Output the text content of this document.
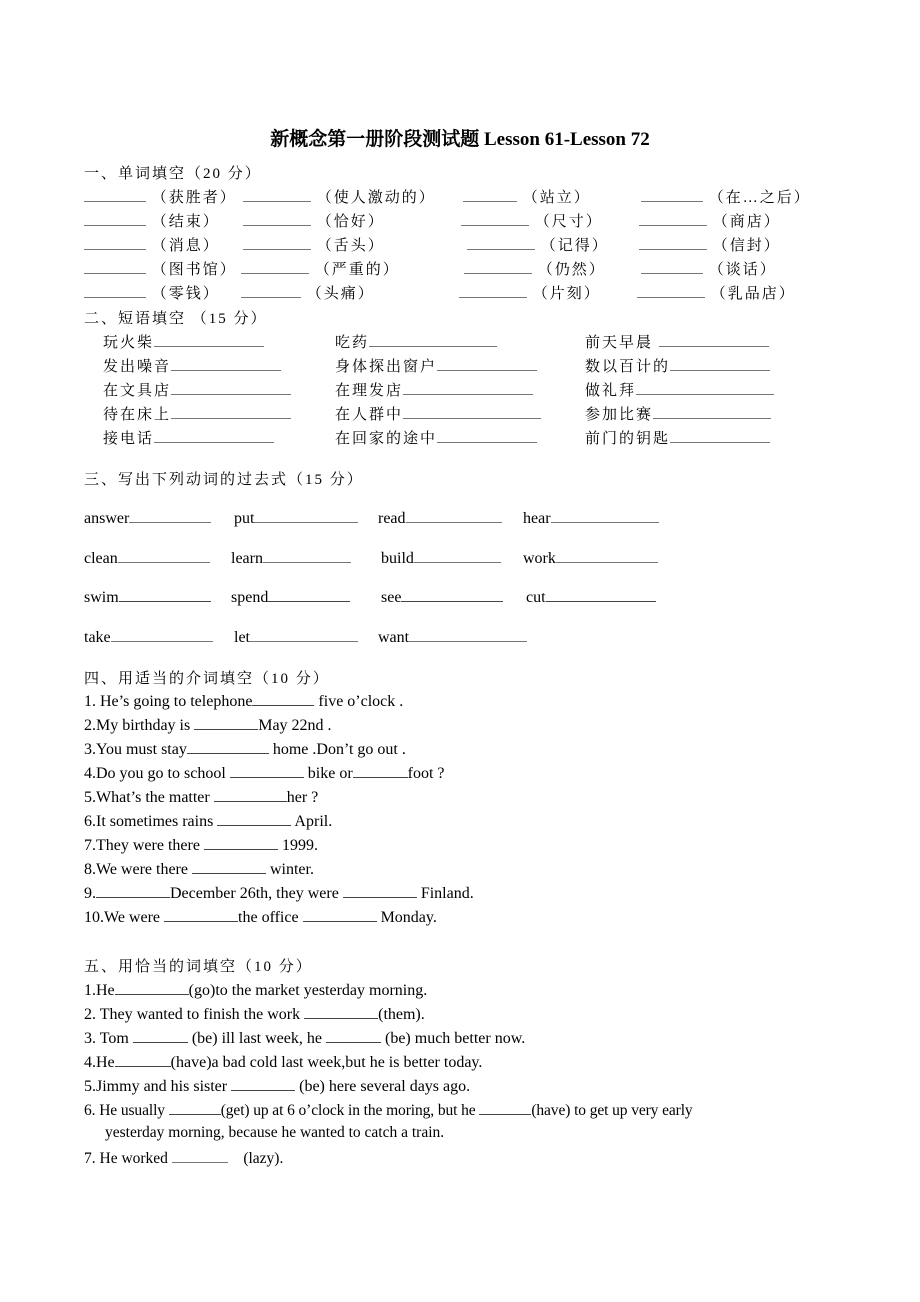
新概念第一册阶段测试题 Lesson 61-Lesson 72
一、单词填空（20 分）
（获胜者）	（使人激动的）	（站立）	（在…之后）
（结束）	（恰好）	（尺寸）	（商店）
（消息）	（舌头）	（记得）	（信封）
（图书馆）	（严重的）	（仍然）	（谈话）
（零钱）	（头痛）	（片刻）	（乳品店）
二、短语填空 （15 分）
玩火柴	吃药	前天早晨
发出噪音	身体探出窗户	数以百计的
在文具店	在理发店	做礼拜
待在床上	在人群中	参加比赛
接电话	在回家的途中	前门的钥匙
三、写出下列动词的过去式（15 分）
answer	put	read	hear
clean	learn	build	work
swim	spend	see	cut
take	let	want
四、用适当的介词填空（10 分）
1. He’s going to telephone	five o’clock .
2.My birthday is	May 22nd .
3.You must stay	home .Don’t go out .
4.Do you go to school	bike or	foot ?
5.What’s the matter	her ?
6.It sometimes rains	April.
7.They were there	1999.
8.We were there	winter.
9.	December 26th, they were	Finland.
10.We were	the office	Monday.
五、用恰当的词填空（10 分）
1.He	(go)to the market yesterday morning.
2. They wanted to finish the work	(them).
3. Tom	(be) ill last week, he	(be) much better now.
4.He	(have)a bad cold last week,but he is better today.
5.Jimmy and his sister	(be) here several days ago.
6. He usually	(get) up at 6 o’clock in the moring, but he	(have) to get up very early
yesterday morning, because he wanted to catch a train.
7. He worked	(lazy).
